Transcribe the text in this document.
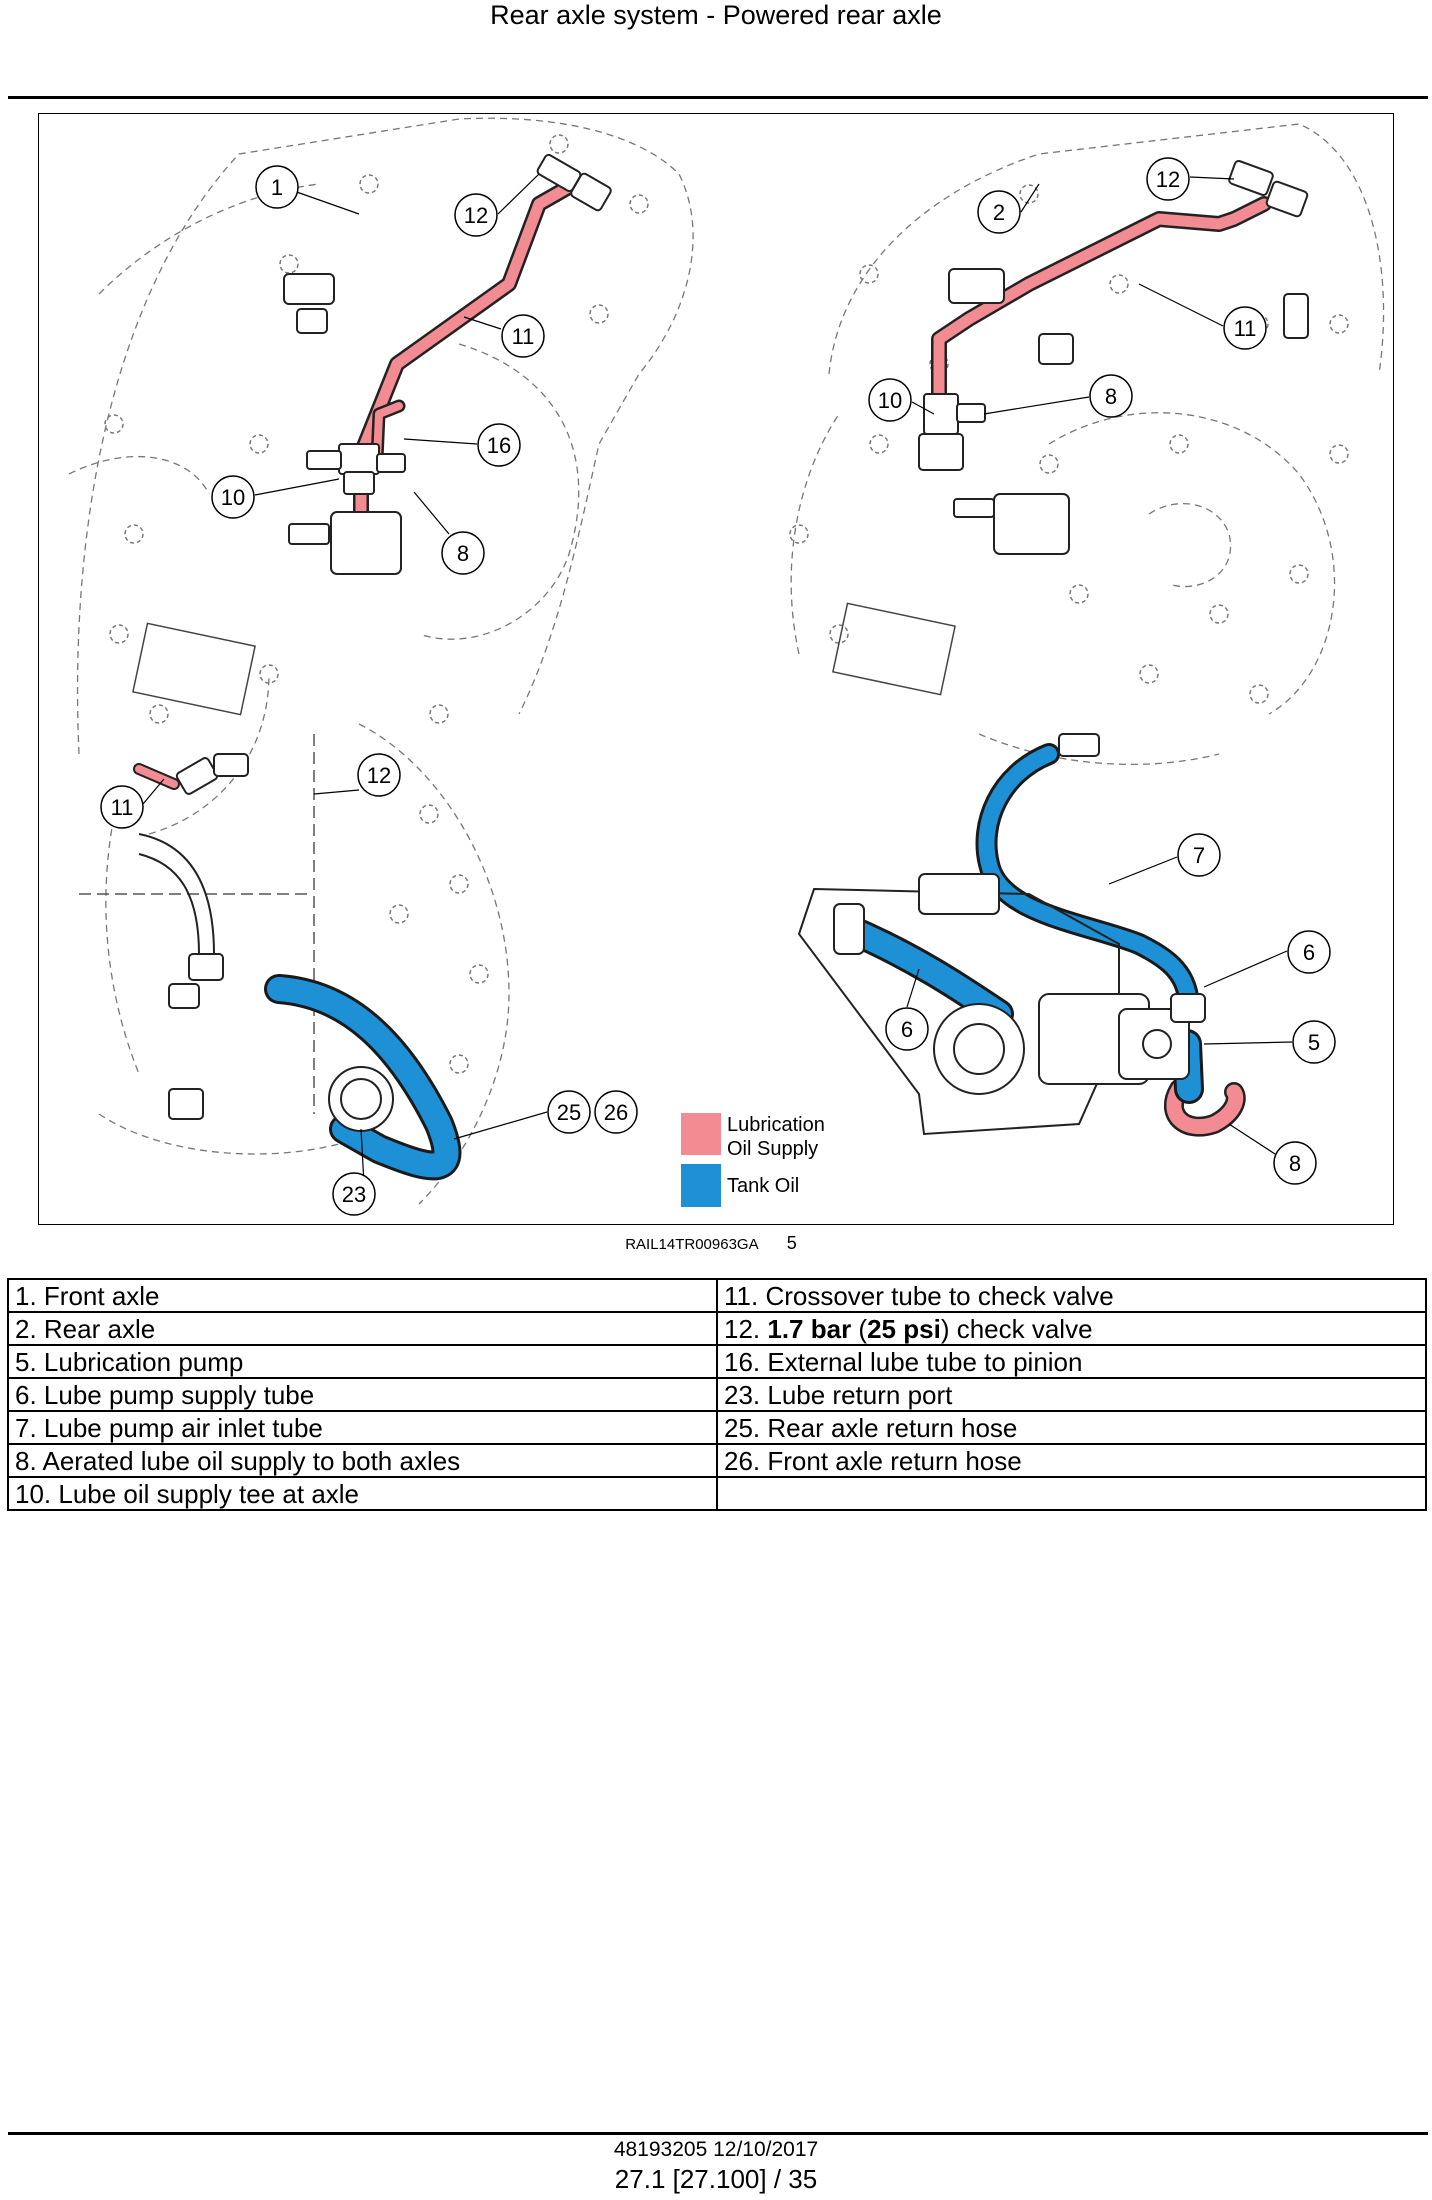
Rear axle system - Powered rear axle
1
12
11
16
10
8
2
12
11
10	8
11
12
7
6
6
5
8
25 26
23
Lubrication
Oil Supply
Tank Oil
RAIL14TR00963GA 5
1. Front axle	11. Crossover tube to check valve
2. Rear axle	12. 1.7 bar (25 psi) check valve
5. Lubrication pump	16. External lube tube to pinion
6. Lube pump supply tube	23. Lube return port
7. Lube pump air inlet tube	25. Rear axle return hose
8. Aerated lube oil supply to both axles	26. Front axle return hose
10. Lube oil supply tee at axle	
48193205 12/10/2017
27.1 [27.100] / 35
